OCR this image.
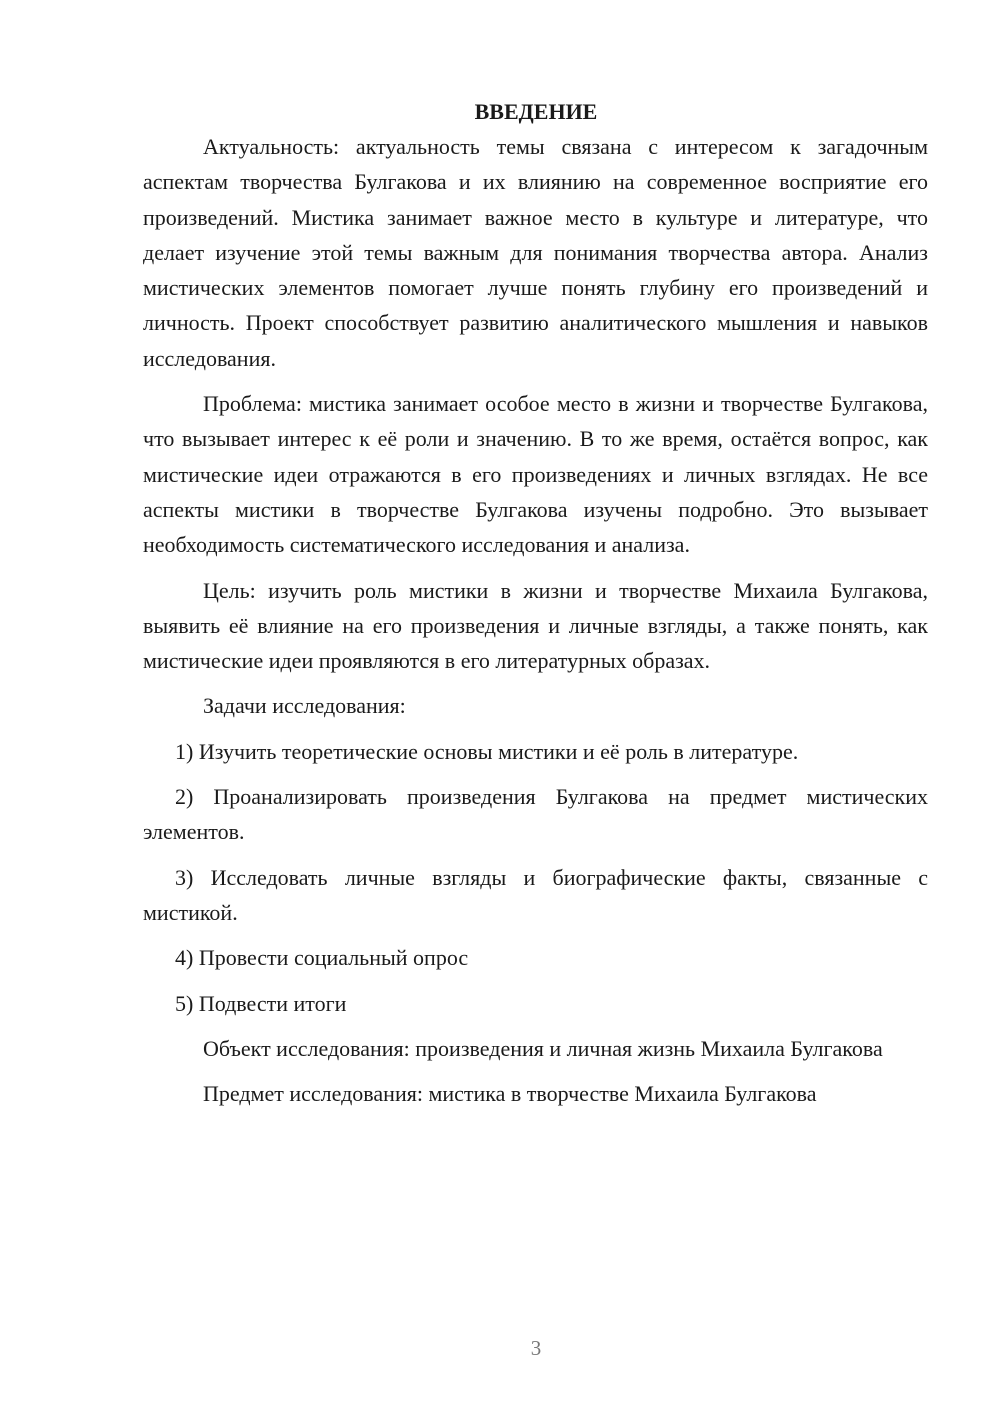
ВВЕДЕНИЕ

Актуальность: актуальность темы связана с интересом к загадочным аспектам творчества Булгакова и их влиянию на современное восприятие его произведений. Мистика занимает важное место в культуре и литературе, что делает изучение этой темы важным для понимания творчества автора. Анализ мистических элементов помогает лучше понять глубину его произведений и личность. Проект способствует развитию аналитического мышления и навыков исследования.

Проблема: мистика занимает особое место в жизни и творчестве Булгакова, что вызывает интерес к её роли и значению. В то же время, остаётся вопрос, как мистические идеи отражаются в его произведениях и личных взглядах. Не все аспекты мистики в творчестве Булгакова изучены подробно. Это вызывает необходимость систематического исследования и анализа.

Цель: изучить роль мистики в жизни и творчестве Михаила Булгакова, выявить её влияние на его произведения и личные взгляды, а также понять, как мистические идеи проявляются в его литературных образах.

Задачи исследования:

1) Изучить теоретические основы мистики и её роль в литературе.

2) Проанализировать произведения Булгакова на предмет мистических элементов.

3) Исследовать личные взгляды и биографические факты, связанные с мистикой.

4) Провести социальный опрос

5) Подвести итоги

Объект исследования: произведения и личная жизнь Михаила Булгакова

Предмет исследования: мистика в творчестве Михаила Булгакова

3
